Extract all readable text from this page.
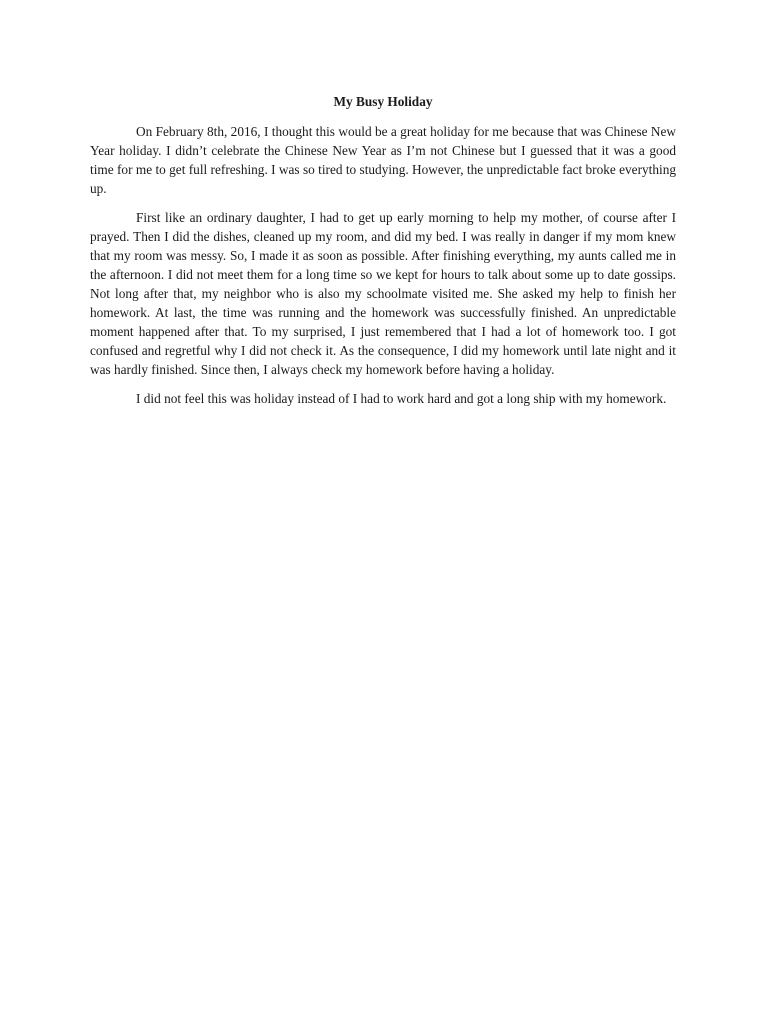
My Busy Holiday

On February 8th, 2016, I thought this would be a great holiday for me because that was Chinese New Year holiday. I didn’t celebrate the Chinese New Year as I’m not Chinese but I guessed that it was a good time for me to get full refreshing. I was so tired to studying. However, the unpredictable fact broke everything up.

First like an ordinary daughter, I had to get up early morning to help my mother, of course after I prayed. Then I did the dishes, cleaned up my room, and did my bed. I was really in danger if my mom knew that my room was messy. So, I made it as soon as possible. After finishing everything, my aunts called me in the afternoon. I did not meet them for a long time so we kept for hours to talk about some up to date gossips. Not long after that, my neighbor who is also my schoolmate visited me. She asked my help to finish her homework. At last, the time was running and the homework was successfully finished. An unpredictable moment happened after that. To my surprised, I just remembered that I had a lot of homework too. I got confused and regretful why I did not check it. As the consequence, I did my homework until late night and it was hardly finished. Since then, I always check my homework before having a holiday.

I did not feel this was holiday instead of I had to work hard and got a long ship with my homework.
